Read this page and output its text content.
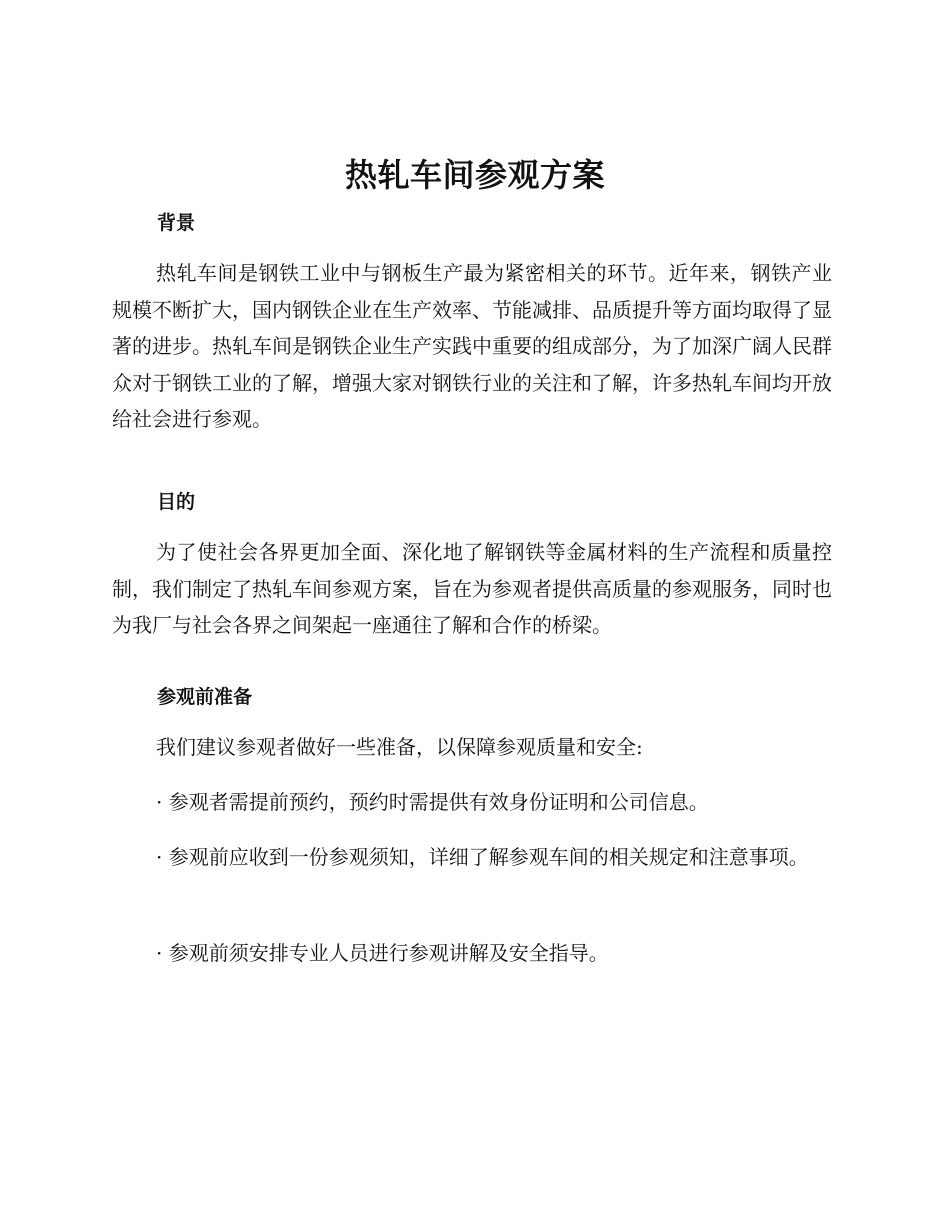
热轧车间参观方案
背景

热轧车间是钢铁工业中与钢板生产最为紧密相关的环节。近年来，钢铁产业规模不断扩大，国内钢铁企业在生产效率、节能减排、品质提升等方面均取得了显著的进步。热轧车间是钢铁企业生产实践中重要的组成部分，为了加深广阔人民群众对于钢铁工业的了解，增强大家对钢铁行业的关注和了解，许多热轧车间均开放给社会进行参观。

目的

为了使社会各界更加全面、深化地了解钢铁等金属材料的生产流程和质量控制，我们制定了热轧车间参观方案，旨在为参观者提供高质量的参观服务，同时也为我厂与社会各界之间架起一座通往了解和合作的桥梁。

参观前准备

我们建议参观者做好一些准备，以保障参观质量和安全:

· 参观者需提前预约，预约时需提供有效身份证明和公司信息。

· 参观前应收到一份参观须知，详细了解参观车间的相关规定和注意事项。

· 参观前须安排专业人员进行参观讲解及安全指导。
